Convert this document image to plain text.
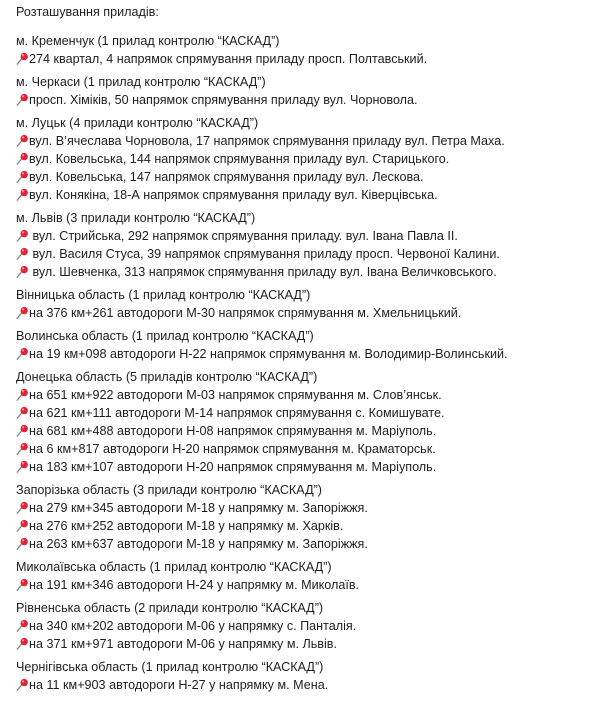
Розташування приладів:
м. Кременчук (1 прилад контролю “КАСКАД”)
274 квартал, 4 напрямок спрямування приладу просп. Полтавський.
м. Черкаси (1 прилад контролю “КАСКАД”)
просп. Хіміків, 50 напрямок спрямування приладу вул. Чорновола.
м. Луцьк (4 прилади контролю “КАСКАД”)
вул. В’ячеслава Чорновола, 17 напрямок спрямування приладу вул. Петра Маха.
вул. Ковельська, 144 напрямок спрямування приладу вул. Старицького.
вул. Ковельська, 147 напрямок спрямування приладу вул. Лескова.
вул. Конякіна, 18-А напрямок спрямування приладу вул. Ківерцівська.
м. Львів (3 прилади контролю “КАСКАД”)
вул. Стрийська, 292 напрямок спрямування приладу. вул. Івана Павла ІІ.
вул. Василя Стуса, 39 напрямок спрямування приладу просп. Червоної Калини.
вул. Шевченка, 313 напрямок спрямування приладу вул. Івана Величковського.
Вінницька область (1 прилад контролю “КАСКАД”)
на 376 км+261 автодороги М-30 напрямок спрямування м. Хмельницький.
Волинська область (1 прилад контролю “КАСКАД”)
на 19 км+098 автодороги Н-22 напрямок спрямування м. Володимир-Волинський.
Донецька область (5 приладів контролю “КАСКАД”)
на 651 км+922 автодороги М-03 напрямок спрямування м. Слов’янськ.
на 621 км+111 автодороги М-14 напрямок спрямування с. Комишувате.
на 681 км+488 автодороги Н-08 напрямок спрямування м. Маріуполь.
на 6 км+817 автодороги Н-20 напрямок спрямування м. Краматорськ.
на 183 км+107 автодороги Н-20 напрямок спрямування м. Маріуполь.
Запорізька область (3 прилади контролю “КАСКАД”)
на 279 км+345 автодороги М-18 у напрямку м. Запоріжжя.
на 276 км+252 автодороги М-18 у напрямку м. Харків.
на 263 км+637 автодороги М-18 у напрямку м. Запоріжжя.
Миколаївська область (1 прилад контролю “КАСКАД”)
на 191 км+346 автодороги Н-24 у напрямку м. Миколаїв.
Рівненська область (2 прилади контролю “КАСКАД”)
на 340 км+202 автодороги М-06 у напрямку с. Панталія.
на 371 км+971 автодороги М-06 у напрямку м. Львів.
Чернігівська область (1 прилад контролю “КАСКАД”)
на 11 км+903 автодороги Н-27 у напрямку м. Мена.
